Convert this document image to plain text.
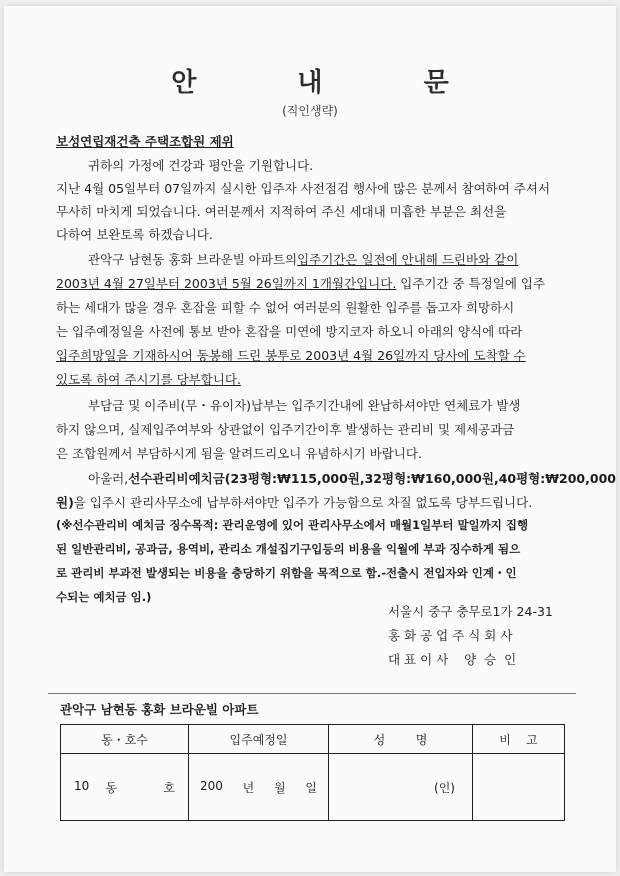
안 내 문
(직인생략)
보성연립재건축 주택조합원 제위
귀하의 가정에 건강과 평안을 기원합니다.
지난 4월 05일부터 07일까지 실시한 입주자 사전점검 행사에 많은 분께서 참여하여 주셔서
무사히 마치게 되었습니다. 여러분께서 지적하여 주신 세대내 미흡한 부분은 최선을
다하여 보완토록 하겠습니다.
관악구 남현동 홍화 브라운빌 아파트의입주기간은 일전에 안내해 드린바와 같이
2003년 4월 27일부터 2003년 5월 26일까지 1개월간입니다. 입주기간 중 특정일에 입주
하는 세대가 많을 경우 혼잡을 피할 수 없어 여러분의 원활한 입주를 돕고자 희망하시
는 입주예정일을 사전에 통보 받아 혼잡을 미연에 방지코자 하오니 아래의 양식에 따라
입주희망일을 기재하시어 동봉해 드린 봉투로 2003년 4월 26일까지 당사에 도착할 수
있도록 하여 주시기를 당부합니다.
부담금 및 이주비(무・유이자)납부는 입주기간내에 완납하셔야만 연체료가 발생
하지 않으며, 실제입주여부와 상관없이 입주기간이후 발생하는 관리비 및 제세공과금
은 조합원께서 부담하시게 됨을 알려드리오니 유념하시기 바랍니다.
아울러,선수관리비예치금(23평형:₩115,000원,32평형:₩160,000원,40평형:₩200,000
원)을 입주시 관리사무소에 납부하셔야만 입주가 가능함으로 차질 없도록 당부드립니다.
(※선수관리비 예치금 징수목적: 관리운영에 있어 관리사무소에서 매월1일부터 말일까지 집행
된 일반관리비, 공과금, 용역비, 관리소 개설집기구입등의 비용을 익월에 부과 징수하게 됨으
로 관리비 부과전 발생되는 비용을 충당하기 위함을 목적으로 함.-전출시 전입자와 인계・인
수되는 예치금 임.)
서울시 중구 충무로1가 24-31
홍 화 공 업 주 식 회 사
대 표 이 사    양  승  인
관악구 남현동 홍화 브라운빌 아파트
동・호수	입주예정일	성        명	비    고

10 동 호	200 년 월 일	(인)	
